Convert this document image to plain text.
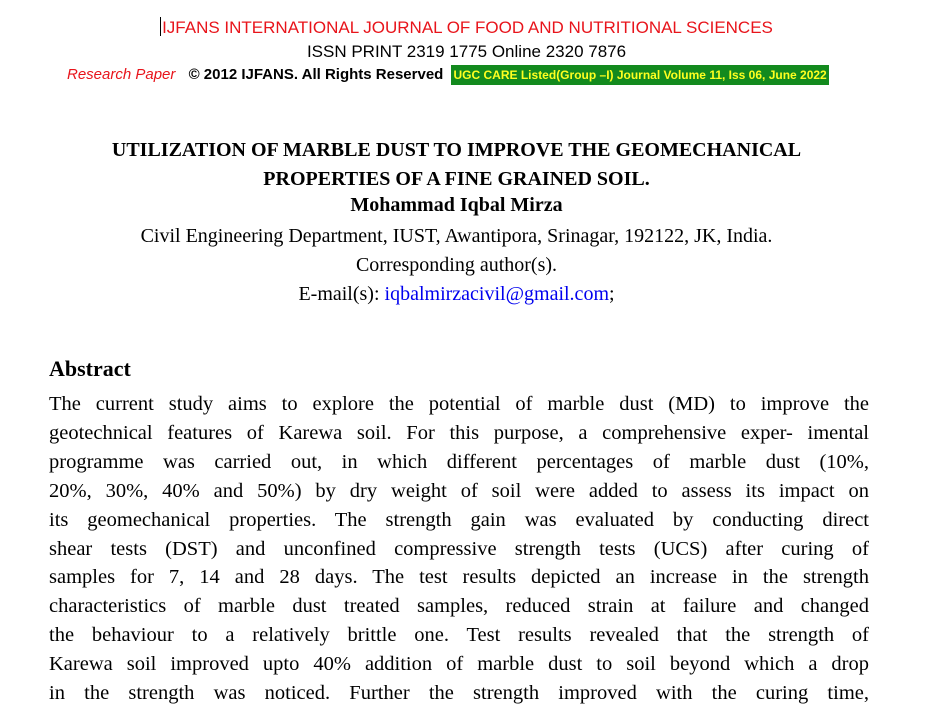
IJFANS INTERNATIONAL JOURNAL OF FOOD AND NUTRITIONAL SCIENCES
ISSN PRINT 2319 1775 Online 2320 7876
Research Paper © 2012 IJFANS. All Rights Reserved UGC CARE Listed(Group –I) Journal Volume 11, Iss 06, June 2022
UTILIZATION OF MARBLE DUST TO IMPROVE THE GEOMECHANICAL
PROPERTIES OF A FINE GRAINED SOIL.
Mohammad Iqbal Mirza
Civil Engineering Department, IUST, Awantipora, Srinagar, 192122, JK, India.
Corresponding author(s).
E-mail(s): iqbalmirzacivil@gmail.com;
Abstract
The current study aims to explore the potential of marble dust (MD) to improve the
geotechnical features of Karewa soil. For this purpose, a comprehensive exper- imental
programme was carried out, in which different percentages of marble dust (10%,
20%, 30%, 40% and 50%) by dry weight of soil were added to assess its impact on
its geomechanical properties. The strength gain was evaluated by conducting direct
shear tests (DST) and unconfined compressive strength tests (UCS) after curing of
samples for 7, 14 and 28 days. The test results depicted an increase in the strength
characteristics of marble dust treated samples, reduced strain at failure and changed
the behaviour to a relatively brittle one. Test results revealed that the strength of
Karewa soil improved upto 40% addition of marble dust to soil beyond which a drop
in the strength was noticed. Further the strength improved with the curing time,
